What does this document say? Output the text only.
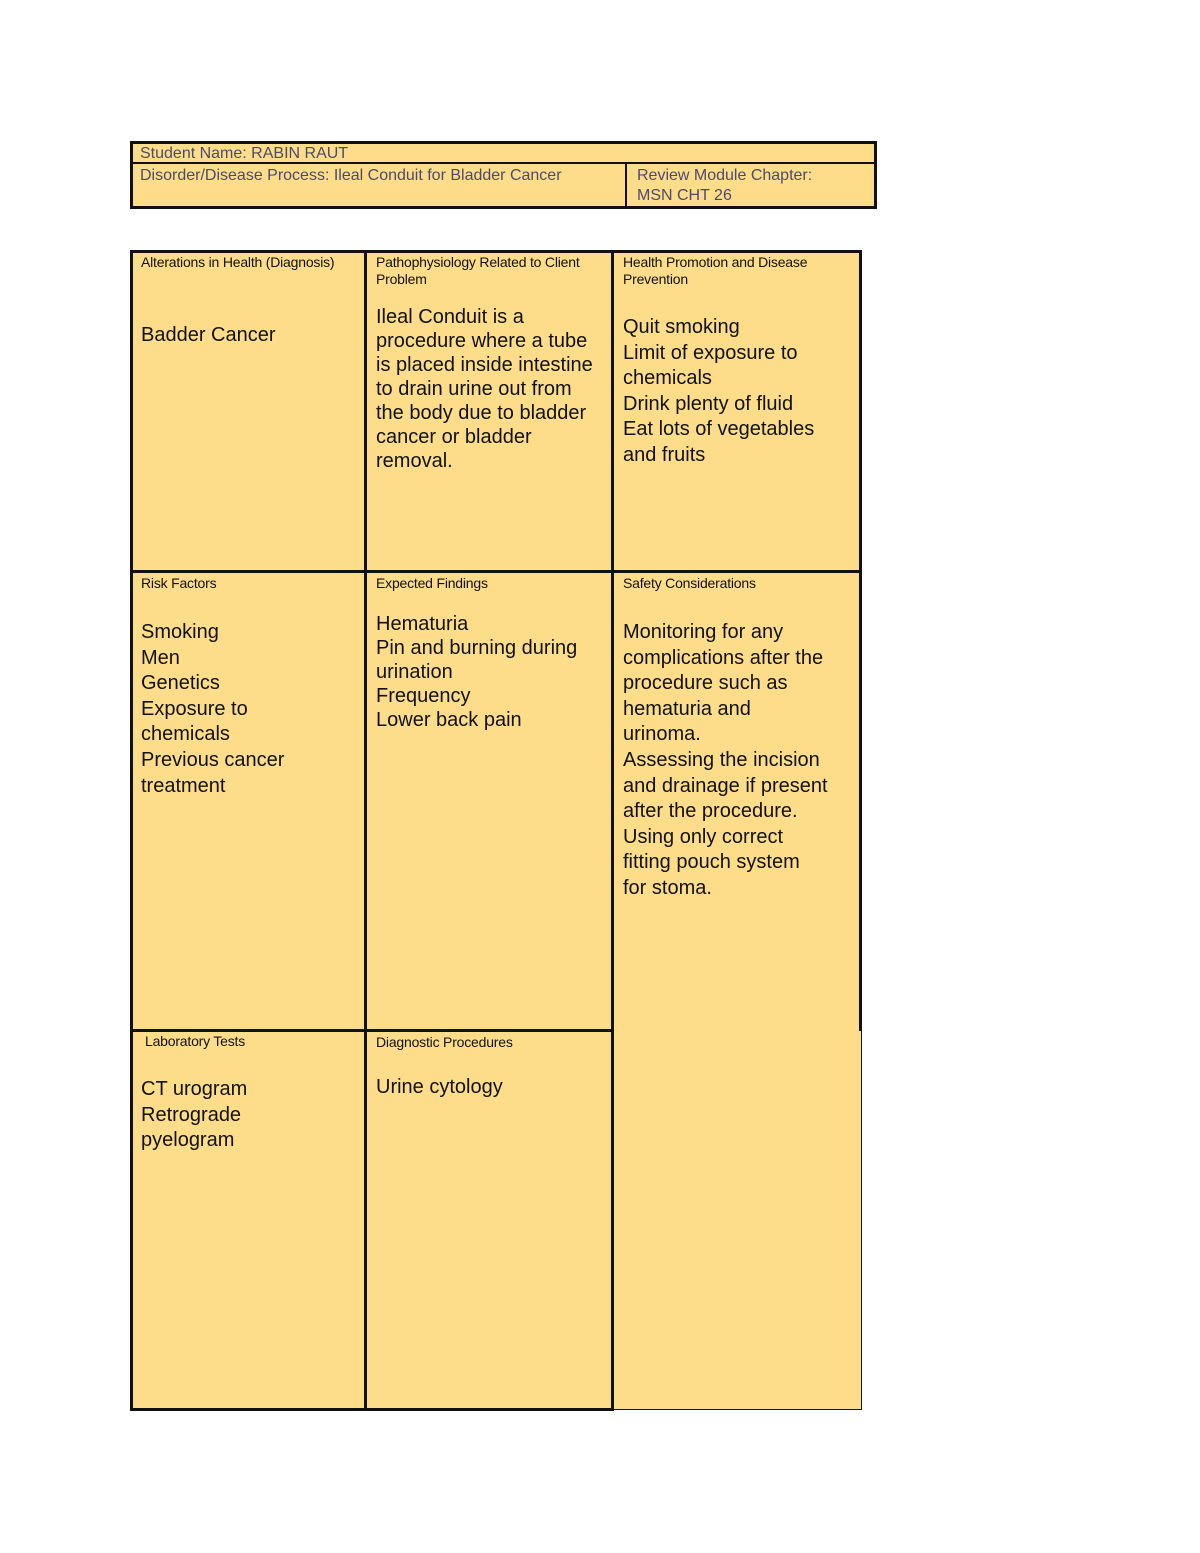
Student Name: RABIN RAUT
Disorder/Disease Process: Ileal Conduit for Bladder Cancer	Review Module Chapter:
MSN CHT 26
Alterations in Health (Diagnosis)
Badder Cancer
Pathophysiology Related to Client Problem
Ileal Conduit is a
procedure where a tube
is placed inside intestine
to drain urine out from
the body due to bladder
cancer or bladder
removal.
Health Promotion and Disease Prevention
Quit smoking
Limit of exposure to
chemicals
Drink plenty of fluid
Eat lots of vegetables
and fruits
Risk Factors
Smoking
Men
Genetics
Exposure to
chemicals
Previous cancer
treatment
Expected Findings
Hematuria
Pin and burning during
urination
Frequency
Lower back pain
Safety Considerations
Monitoring for any
complications after the
procedure such as
hematuria and
urinoma.
Assessing the incision
and drainage if present
after the procedure.
Using only correct
fitting pouch system
for stoma.
Laboratory Tests
CT urogram
Retrograde
pyelogram
Diagnostic Procedures
Urine cytology
